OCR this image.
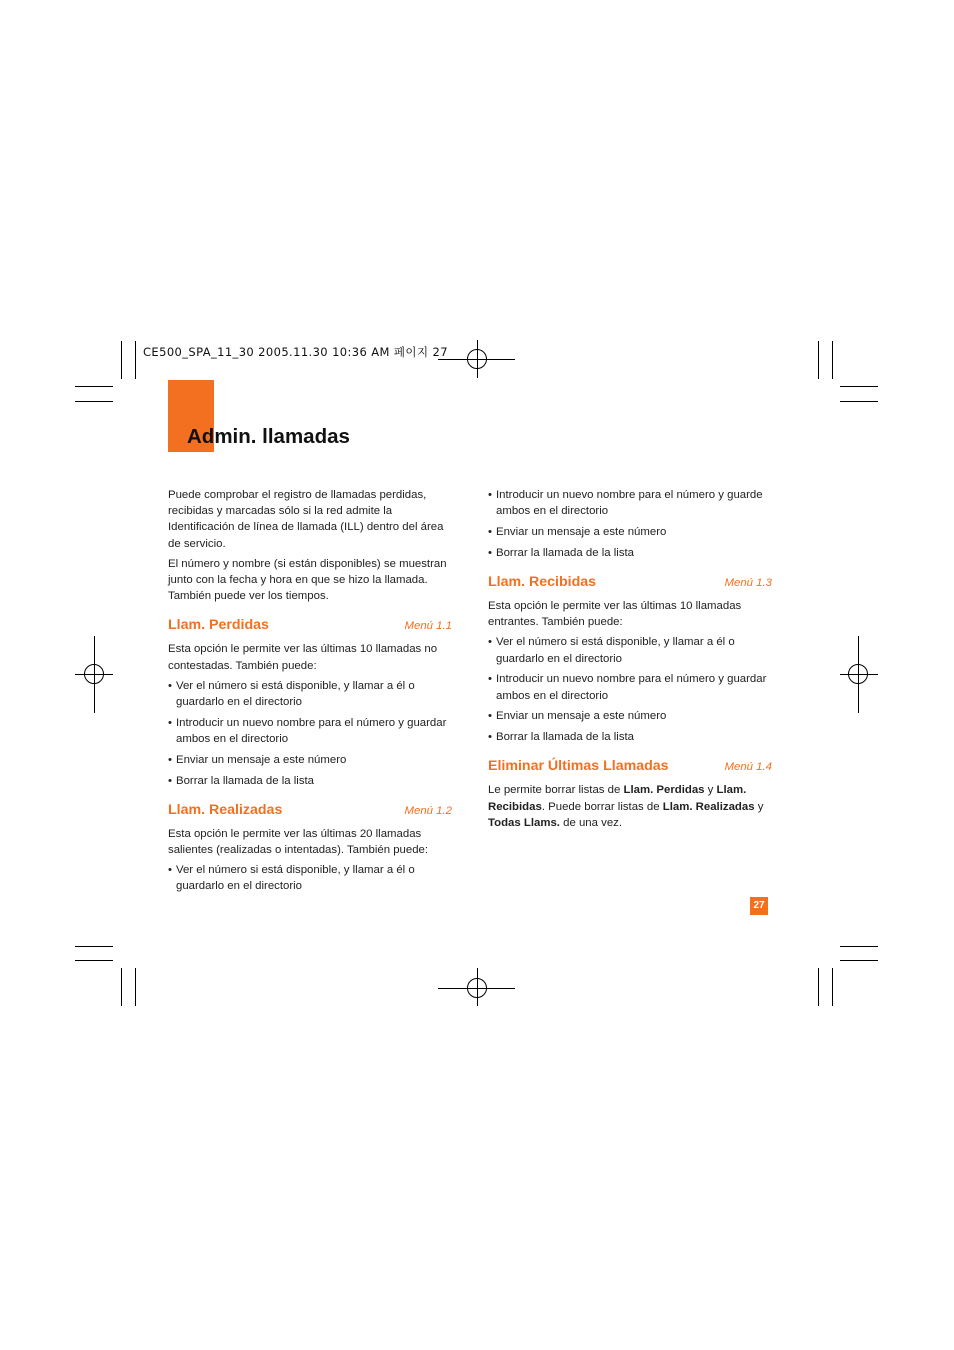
CE500_SPA_11_30 2005.11.30 10:36 AM 페이지 27
Admin. llamadas

Puede comprobar el registro de llamadas perdidas, recibidas y marcadas sólo si la red admite la Identificación de línea de llamada (ILL) dentro del área de servicio.

El número y nombre (si están disponibles) se muestran junto con la fecha y hora en que se hizo la llamada. También puede ver los tiempos.

Llam. Perdidas	Menú 1.1

Esta opción le permite ver las últimas 10 llamadas no contestadas. También puede:

• Ver el número si está disponible, y llamar a él o guardarlo en el directorio
• Introducir un nuevo nombre para el número y guardar ambos en el directorio
• Enviar un mensaje a este número
• Borrar la llamada de la lista
Llam. Realizadas	Menú 1.2

Esta opción le permite ver las últimas 20 llamadas salientes (realizadas o intentadas). También puede:

• Ver el número si está disponible, y llamar a él o guardarlo en el directorio
• Introducir un nuevo nombre para el número y guarde ambos en el directorio
• Enviar un mensaje a este número
• Borrar la llamada de la lista
Llam. Recibidas	Menú 1.3

Esta opción le permite ver las últimas 10 llamadas entrantes. También puede:

• Ver el número si está disponible, y llamar a él o guardarlo en el directorio
• Introducir un nuevo nombre para el número y guardar ambos en el directorio
• Enviar un mensaje a este número
• Borrar la llamada de la lista
Eliminar Últimas Llamadas	Menú 1.4

Le permite borrar listas de Llam. Perdidas y Llam. Recibidas. Puede borrar listas de Llam. Realizadas y Todas Llams. de una vez.

27
